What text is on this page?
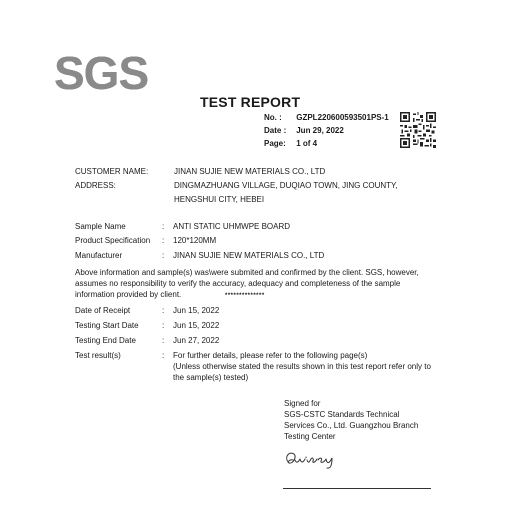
SGS
TEST REPORT
No. : GZPL220600593501PS-1
Date : Jun 29, 2022
Page: 1 of 4
CUSTOMER NAME:	JINAN SUJIE NEW MATERIALS CO., LTD
ADDRESS:	DINGMAZHUANG VILLAGE, DUQIAO TOWN, JING COUNTY,
HENGSHUI CITY, HEBEI
Sample Name	: ANTI STATIC UHMWPE BOARD
Product Specification : 120*120MM
Manufacturer	: JINAN SUJIE NEW MATERIALS CO., LTD
Above information and sample(s) was\were submited and confirmed by the client. SGS, however,
assumes no responsibility to verify the accuracy, adequacy and completeness of the sample
information provided by client.	**************
Date of Receipt	: Jun 15, 2022
Testing Start Date	: Jun 15, 2022
Testing End Date	: Jun 27, 2022
Test result(s)	: For further details, please refer to the following page(s)
(Unless otherwise stated the results shown in this test report refer only to
the sample(s) tested)
Signed for
SGS-CSTC Standards Technical
Services Co., Ltd. Guangzhou Branch
Testing Center
